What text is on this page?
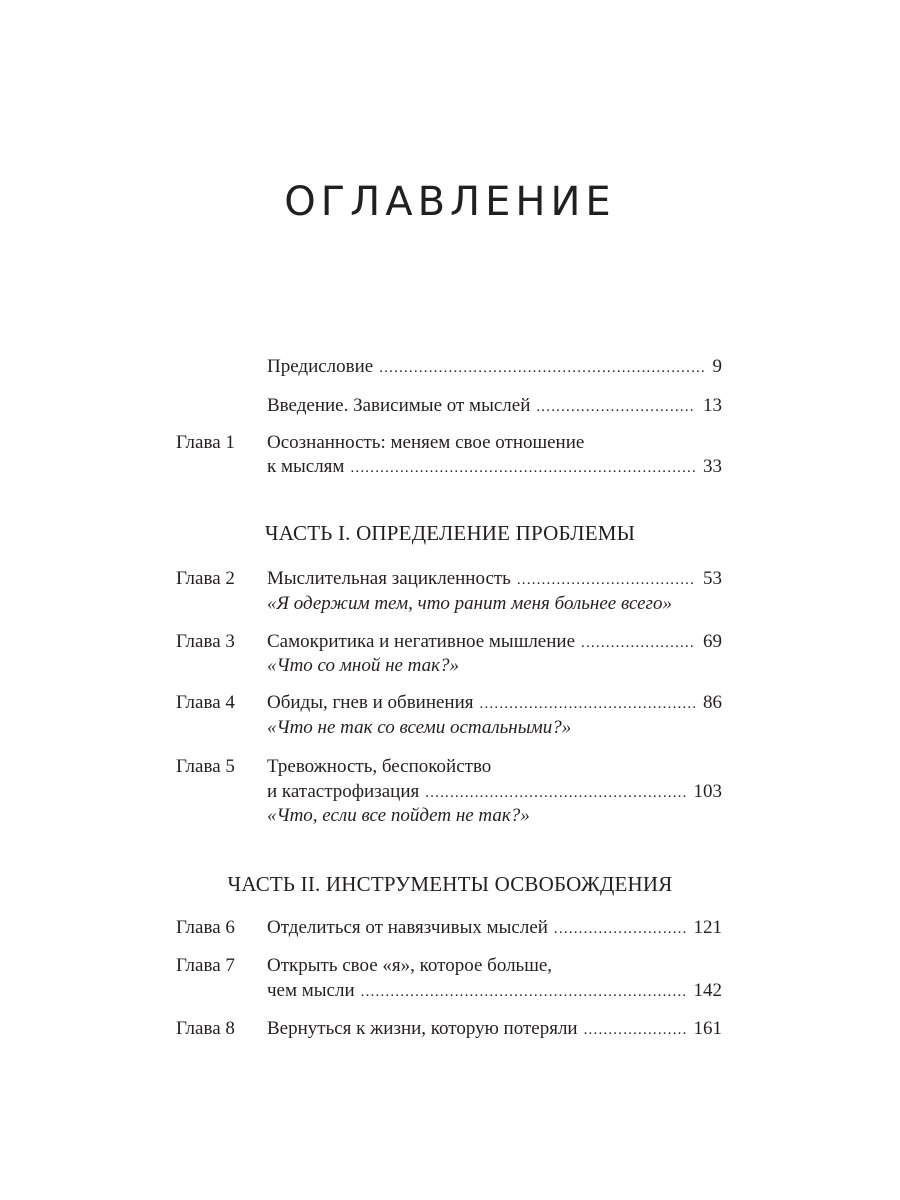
ОГЛАВЛЕНИЕ
Предисловие .....	9
Введение. Зависимые от мыслей .....	13
Глава 1 Осознанность: меняем свое отношение
к мыслям .....	33
ЧАСТЬ I. ОПРЕДЕЛЕНИЕ ПРОБЛЕМЫ
Глава 2 Мыслительная зацикленность .....	53
«Я одержим тем, что ранит меня больнее всего»
Глава 3 Самокритика и негативное мышление .....	69
«Что со мной не так?»
Глава 4 Обиды, гнев и обвинения .....	86
«Что не так со всеми остальными?»
Глава 5 Тревожность, беспокойство
и катастрофизация .....	103
«Что, если все пойдет не так?»
ЧАСТЬ II. ИНСТРУМЕНТЫ ОСВОБОЖДЕНИЯ
Глава 6 Отделиться от навязчивых мыслей .....	121
Глава 7 Открыть свое «я», которое больше,
чем мысли .....	142
Глава 8 Вернуться к жизни, которую потеряли .....	161
